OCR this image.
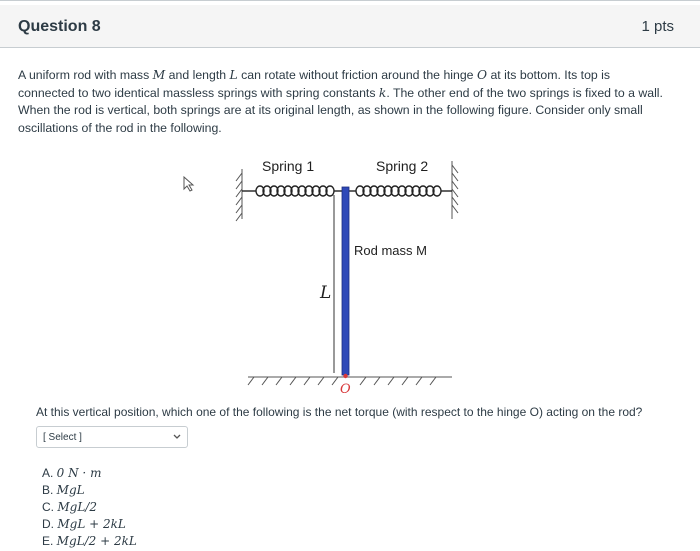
Question 8	1 pts
A uniform rod with mass M and length L can rotate without friction around the hinge O at its bottom. Its top is connected to two identical massless springs with spring constants k. The other end of the two springs is fixed to a wall. When the rod is vertical, both springs are at its original length, as shown in the following figure. Consider only small oscillations of the rod in the following.
Spring 1	Spring 2
Rod mass M
L
O
At this vertical position, which one of the following is the net torque (with respect to the hinge O) acting on the rod?
[ Select ]
A. 0 N · m
B. MgL
C. MgL/2
D. MgL + 2kL
E. MgL/2 + 2kL
